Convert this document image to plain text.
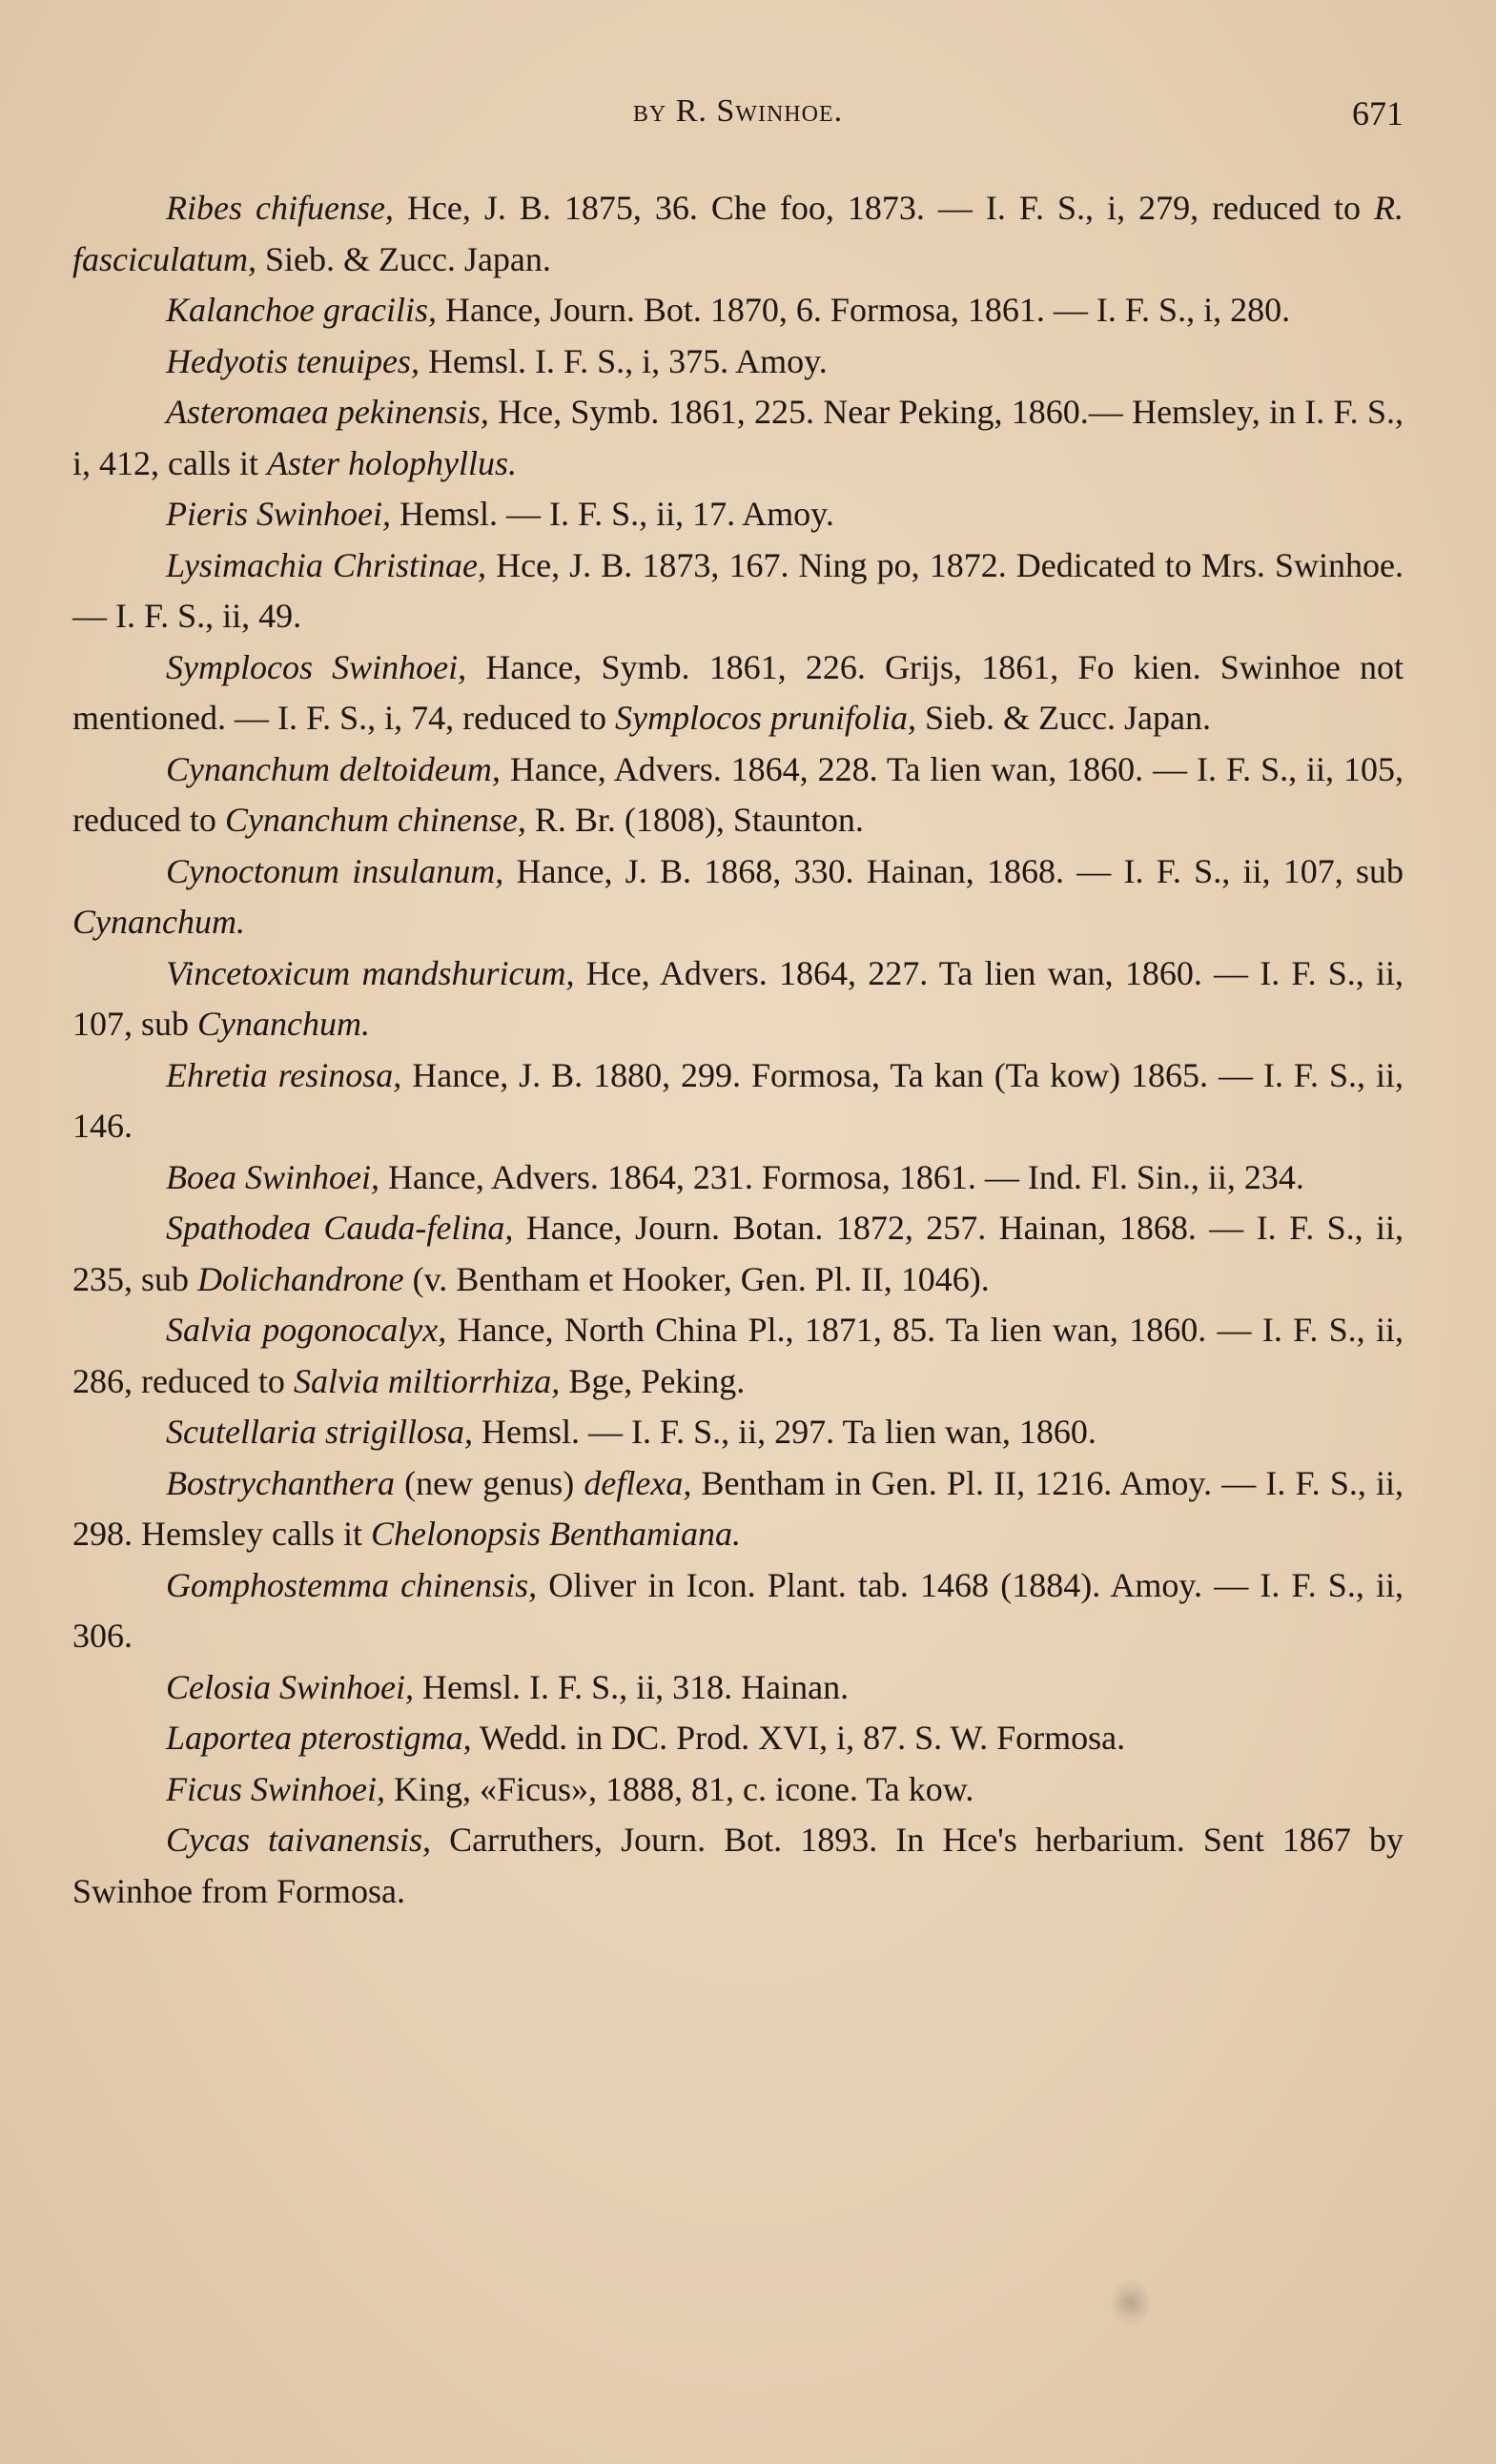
by R. Swinhoe.	671

Ribes chifuense, Hce, J. B. 1875, 36. Che foo, 1873. — I. F. S., i, 279, reduced to R. fasciculatum, Sieb. & Zucc. Japan.

Kalanchoe gracilis, Hance, Journ. Bot. 1870, 6. Formosa, 1861. — I. F. S., i, 280.

Hedyotis tenuipes, Hemsl. I. F. S., i, 375. Amoy.

Asteromaea pekinensis, Hce, Symb. 1861, 225. Near Peking, 1860.— Hemsley, in I. F. S., i, 412, calls it Aster holophyllus.

Pieris Swinhoei, Hemsl. — I. F. S., ii, 17. Amoy.

Lysimachia Christinae, Hce, J. B. 1873, 167. Ning po, 1872. Dedicated to Mrs. Swinhoe. — I. F. S., ii, 49.

Symplocos Swinhoei, Hance, Symb. 1861, 226. Grijs, 1861, Fo kien. Swinhoe not mentioned. — I. F. S., i, 74, reduced to Symplocos prunifolia, Sieb. & Zucc. Japan.

Cynanchum deltoideum, Hance, Advers. 1864, 228. Ta lien wan, 1860. — I. F. S., ii, 105, reduced to Cynanchum chinense, R. Br. (1808), Staunton.

Cynoctonum insulanum, Hance, J. B. 1868, 330. Hainan, 1868. — I. F. S., ii, 107, sub Cynanchum.

Vincetoxicum mandshuricum, Hce, Advers. 1864, 227. Ta lien wan, 1860. — I. F. S., ii, 107, sub Cynanchum.

Ehretia resinosa, Hance, J. B. 1880, 299. Formosa, Ta kan (Ta kow) 1865. — I. F. S., ii, 146.

Boea Swinhoei, Hance, Advers. 1864, 231. Formosa, 1861. — Ind. Fl. Sin., ii, 234.

Spathodea Cauda-felina, Hance, Journ. Botan. 1872, 257. Hainan, 1868. — I. F. S., ii, 235, sub Dolichandrone (v. Bentham et Hooker, Gen. Pl. II, 1046).

Salvia pogonocalyx, Hance, North China Pl., 1871, 85. Ta lien wan, 1860. — I. F. S., ii, 286, reduced to Salvia miltiorrhiza, Bge, Peking.

Scutellaria strigillosa, Hemsl. — I. F. S., ii, 297. Ta lien wan, 1860.

Bostrychanthera (new genus) deflexa, Bentham in Gen. Pl. II, 1216. Amoy. — I. F. S., ii, 298. Hemsley calls it Chelonopsis Benthamiana.

Gomphostemma chinensis, Oliver in Icon. Plant. tab. 1468 (1884). Amoy. — I. F. S., ii, 306.

Celosia Swinhoei, Hemsl. I. F. S., ii, 318. Hainan.

Laportea pterostigma, Wedd. in DC. Prod. XVI, i, 87. S. W. Formosa.

Ficus Swinhoei, King, «Ficus», 1888, 81, c. icone. Ta kow.

Cycas taivanensis, Carruthers, Journ. Bot. 1893. In Hce's herbarium. Sent 1867 by Swinhoe from Formosa.
